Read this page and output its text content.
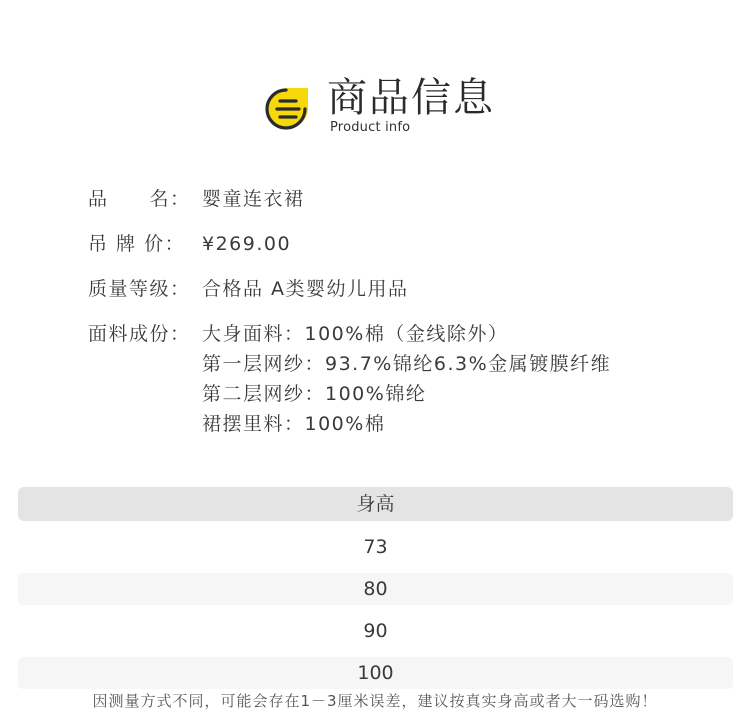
商品信息
Product info
品　　名： 婴童连衣裙
吊 牌 价： ¥269.00
质量等级： 合格品 A类婴幼儿用品
面料成份： 大身面料：100%棉（金线除外）
第一层网纱：93.7%锦纶6.3%金属镀膜纤维
第二层网纱：100%锦纶
裙摆里料：100%棉
身高
73
80
90
100
因测量方式不同，可能会存在1－3厘米误差，建议按真实身高或者大一码选购！
